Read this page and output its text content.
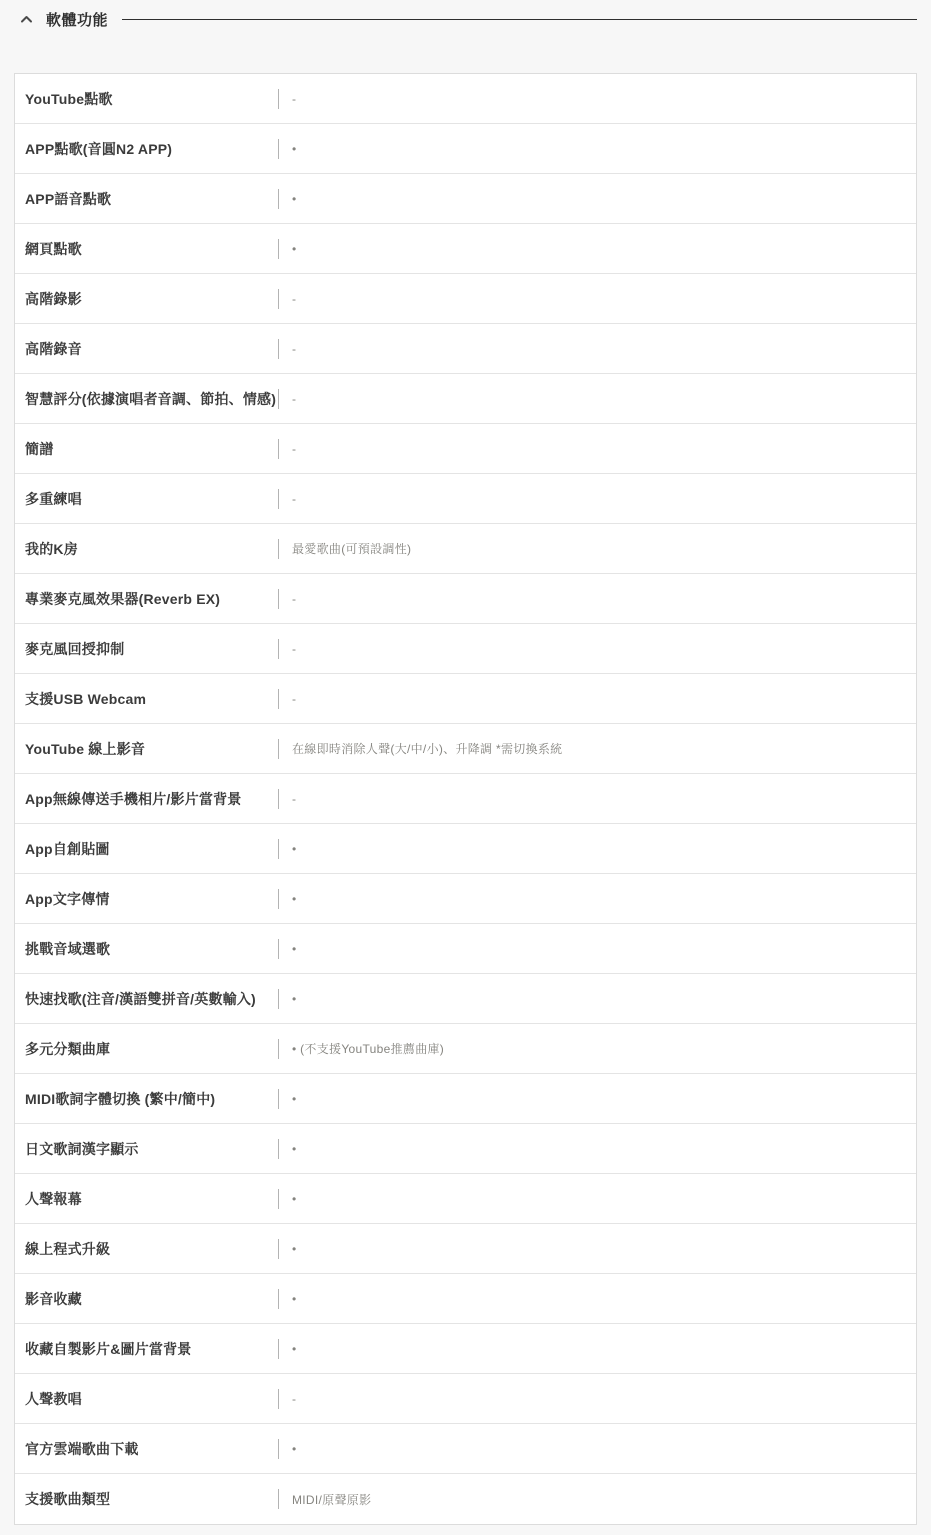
軟體功能
YouTube點歌	-
APP點歌(音圓N2 APP)	•
APP語音點歌	•
網頁點歌	•
高階錄影	-
高階錄音	-
智慧評分(依據演唱者音調、節拍、情感) -
簡譜	-
多重練唱	-
我的K房	最愛歌曲(可預設調性)
專業麥克風效果器(Reverb EX)	-
麥克風回授抑制	-
支援USB Webcam	-
YouTube 線上影音	在線即時消除人聲(大/中/小)、升降調 *需切換系統
App無線傳送手機相片/影片當背景	-
App自創貼圖	•
App文字傳情	•
挑戰音域選歌	•
快速找歌(注音/漢語雙拼音/英數輸入)	•
多元分類曲庫	• (不支援YouTube推薦曲庫)
MIDI歌詞字體切換 (繁中/簡中)	•
日文歌詞漢字顯示	•
人聲報幕	•
線上程式升級	•
影音收藏	•
收藏自製影片&圖片當背景	•
人聲教唱	-
官方雲端歌曲下載	•
支援歌曲類型	MIDI/原聲原影
